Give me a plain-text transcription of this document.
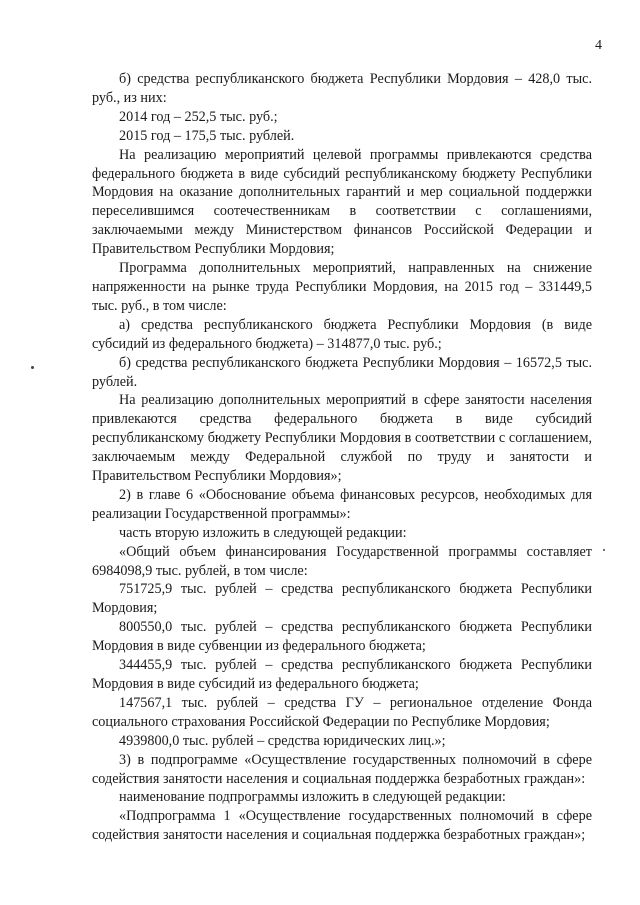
4

б) средства республиканского бюджета Республики Мордовия – 428,0 тыс. руб., из них:

2014 год – 252,5 тыс. руб.;

2015 год – 175,5 тыс. рублей.

На реализацию мероприятий целевой программы привлекаются средства федерального бюджета в виде субсидий республиканскому бюджету Республики Мордовия на оказание дополнительных гарантий и мер социальной поддержки переселившимся соотечественникам в соответствии с соглашениями, заключаемыми между Министерством финансов Российской Федерации и Правительством Республики Мордовия;

Программа дополнительных мероприятий, направленных на снижение напряженности на рынке труда Республики Мордовия, на 2015 год – 331449,5 тыс. руб., в том числе:

а) средства республиканского бюджета Республики Мордовия (в виде субсидий из федерального бюджета) – 314877,0 тыс. руб.;

б) средства республиканского бюджета Республики Мордовия – 16572,5 тыс. рублей.

На реализацию дополнительных мероприятий в сфере занятости населения привлекаются средства федерального бюджета в виде субсидий республиканскому бюджету Республики Мордовия в соответствии с соглашением, заключаемым между Федеральной службой по труду и занятости и Правительством Республики Мордовия»;

2) в главе 6 «Обоснование объема финансовых ресурсов, необходимых для реализации Государственной программы»:

часть вторую изложить в следующей редакции:

«Общий объем финансирования Государственной программы составляет 6984098,9 тыс. рублей, в том числе:

751725,9 тыс. рублей – средства республиканского бюджета Республики Мордовия;

800550,0 тыс. рублей – средства республиканского бюджета Республики Мордовия в виде субвенции из федерального бюджета;

344455,9 тыс. рублей – средства республиканского бюджета Республики Мордовия в виде субсидий из федерального бюджета;

147567,1 тыс. рублей – средства ГУ – региональное отделение Фонда социального страхования Российской Федерации по Республике Мордовия;

4939800,0 тыс. рублей – средства юридических лиц.»;

3) в подпрограмме «Осуществление государственных полномочий в сфере содействия занятости населения и социальная поддержка безработных граждан»:

наименование подпрограммы изложить в следующей редакции:

«Подпрограмма 1 «Осуществление государственных полномочий в сфере содействия занятости населения и социальная поддержка безработных граждан»;
